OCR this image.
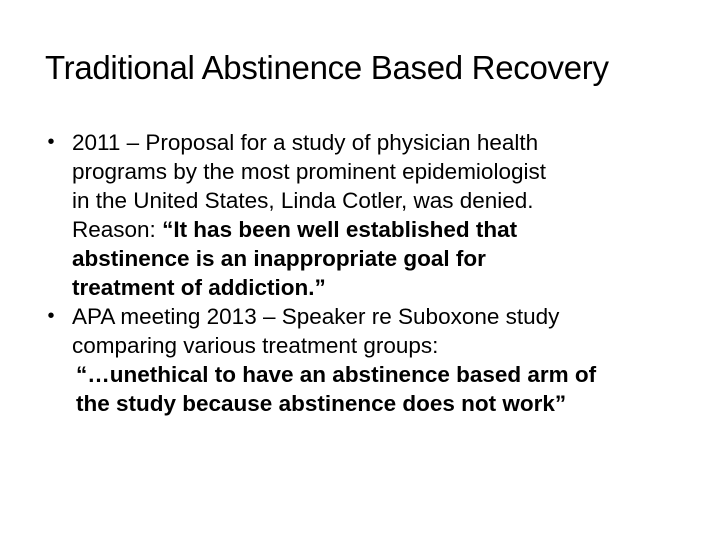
Traditional Abstinence Based Recovery
• 2011 – Proposal for a study of physician health
programs by the most prominent epidemiologist
in the United States, Linda Cotler, was denied.
Reason: “It has been well established that
abstinence is an inappropriate goal for
treatment of addiction.”
• APA meeting 2013 – Speaker re Suboxone study
comparing various treatment groups:
“…unethical to have an abstinence based arm of
the study because abstinence does not work”
